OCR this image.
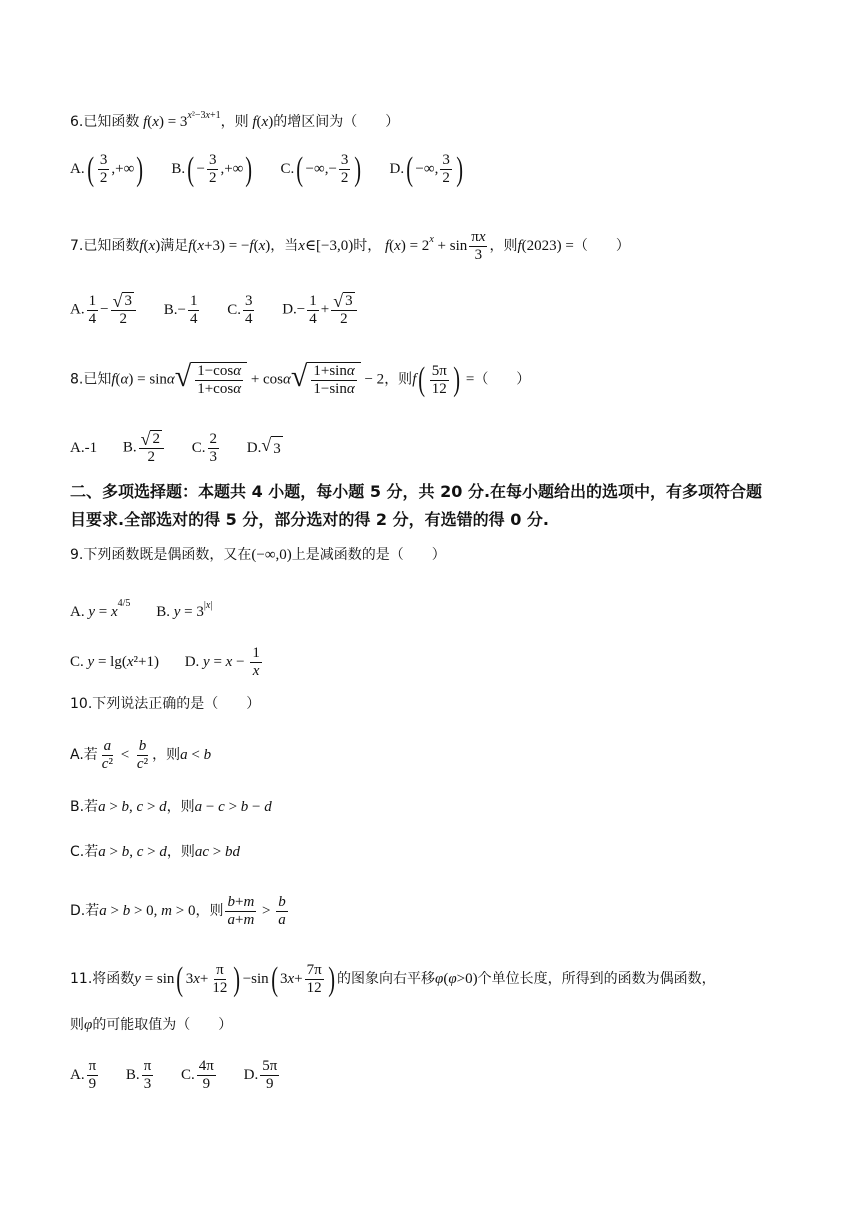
6.已知函数 $f(x) = 3^{x^2-3x+1}$，则 f(x)的增区间为（　　）
$A.( \frac{3}{2}$ ,+∞) $B.( - \frac{3}{2}$ ,+∞) C.( −∞,− $\frac{3}{2}$ ) D.( −∞, $\frac{3}{2}$ )
7.已知函数f(x)满足f(x+3) = −f(x)，当x∈[−3,0)时， $f(x) = 2^x + \sin \frac{\pi x}{3}$ ，则f(2023) =（　　）
A. $\frac{1}{4} - \frac{√ 3}{2} B.- \frac{1}{4} C$. $\frac{3}{4} D.- \frac{1}{4} + \frac{√ 3}{2}$
8.已知f(α) = sinα √ $\frac{1-\cos\alpha}{1+\cos\alpha} + \cos\alpha$ √ $\frac{1+\sin\alpha}{1-\sin\alpha} - 2$，则$f( \frac{5\pi}{12}$ ) =（　　）
A.-1 B. $\frac{√ 2}{2} C$. $\frac{2}{3} D$. √ 3
二、多项选择题：本题共 4 小题，每小题 5 分，共 20 分.在每小题给出的选项中，有多项符合题
目要求.全部选对的得 5 分，部分选对的得 2 分，有选错的得 0 分.
9.下列函数既是偶函数，又在(−∞,0)上是减函数的是（　　）
A. $y = x^{4/5}$ B. $y = 3^{|x|}$
C. y = lg(x²+1) D. $y = x - \frac{1}{x}$
10.下列说法正确的是（　　）
A.若 $\frac{a}{\text{c²}} < \frac{b}{\text{c²}}$ ，则a < b
B.若a > b, c > d，则a − c > b − d
C.若a > b, c > d，则ac > bd
D.若a > b > 0, m > 0，则 $\frac{b+m}{a+m} > \frac{b}{a}$
11.将函数y = sin( $3x+ \frac{\pi}{12}$ ) −sin( $3x+ \frac{7\pi}{12}$ ) 的图象向右平移φ(φ>0)个单位长度，所得到的函数为偶函数，
则φ的可能取值为（　　）
A. $\frac{\pi}{9} B$. $\frac{\pi}{3} C$. $\frac{4\pi}{9} D$. $\frac{5\pi}{9}$
